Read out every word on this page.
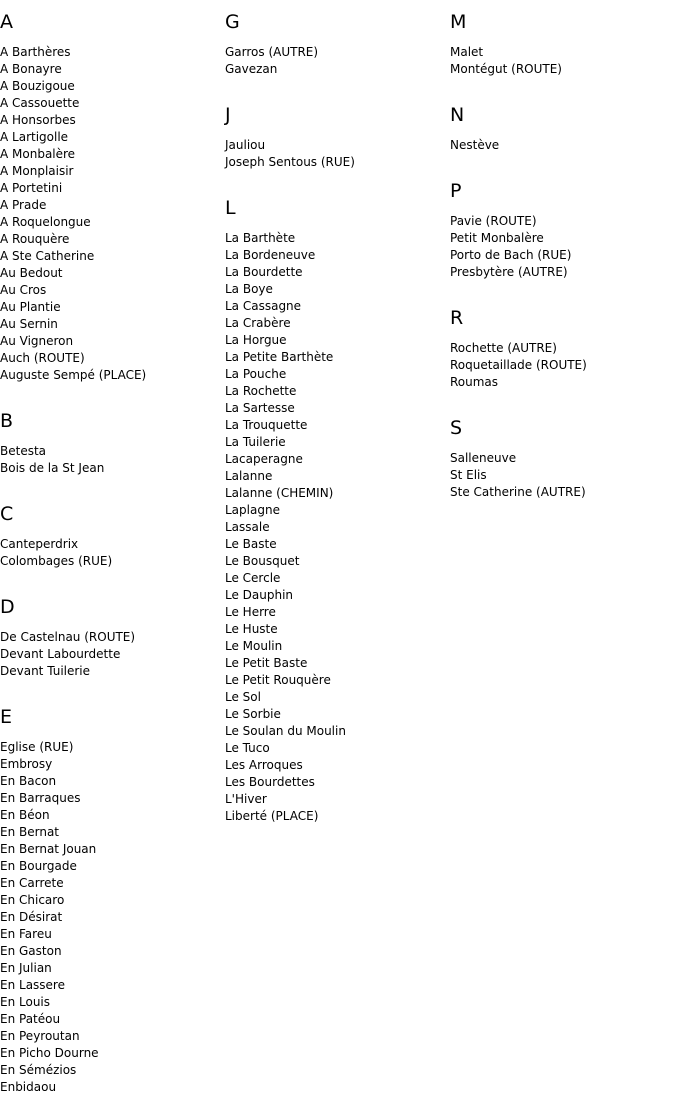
A
A Barthères
A Bonayre
A Bouzigoue
A Cassouette
A Honsorbes
A Lartigolle
A Monbalère
A Monplaisir
A Portetini
A Prade
A Roquelongue
A Rouquère
A Ste Catherine
Au Bedout
Au Cros
Au Plantie
Au Sernin
Au Vigneron
Auch (ROUTE)
Auguste Sempé (PLACE)
B
Betesta
Bois de la St Jean
C
Canteperdrix
Colombages (RUE)
D
De Castelnau (ROUTE)
Devant Labourdette
Devant Tuilerie
E
Eglise (RUE)
Embrosy
En Bacon
En Barraques
En Béon
En Bernat
En Bernat Jouan
En Bourgade
En Carrete
En Chicaro
En Désirat
En Fareu
En Gaston
En Julian
En Lassere
En Louis
En Patéou
En Peyroutan
En Picho Dourne
En Sémézios
Enbidaou
G
Garros (AUTRE)
Gavezan
J
Jauliou
Joseph Sentous (RUE)
L
La Barthète
La Bordeneuve
La Bourdette
La Boye
La Cassagne
La Crabère
La Horgue
La Petite Barthète
La Pouche
La Rochette
La Sartesse
La Trouquette
La Tuilerie
Lacaperagne
Lalanne
Lalanne (CHEMIN)
Laplagne
Lassale
Le Baste
Le Bousquet
Le Cercle
Le Dauphin
Le Herre
Le Huste
Le Moulin
Le Petit Baste
Le Petit Rouquère
Le Sol
Le Sorbie
Le Soulan du Moulin
Le Tuco
Les Arroques
Les Bourdettes
L'Hiver
Liberté (PLACE)
M
Malet
Montégut (ROUTE)
N
Nestève
P
Pavie (ROUTE)
Petit Monbalère
Porto de Bach (RUE)
Presbytère (AUTRE)
R
Rochette (AUTRE)
Roquetaillade (ROUTE)
Roumas
S
Salleneuve
St Elis
Ste Catherine (AUTRE)
